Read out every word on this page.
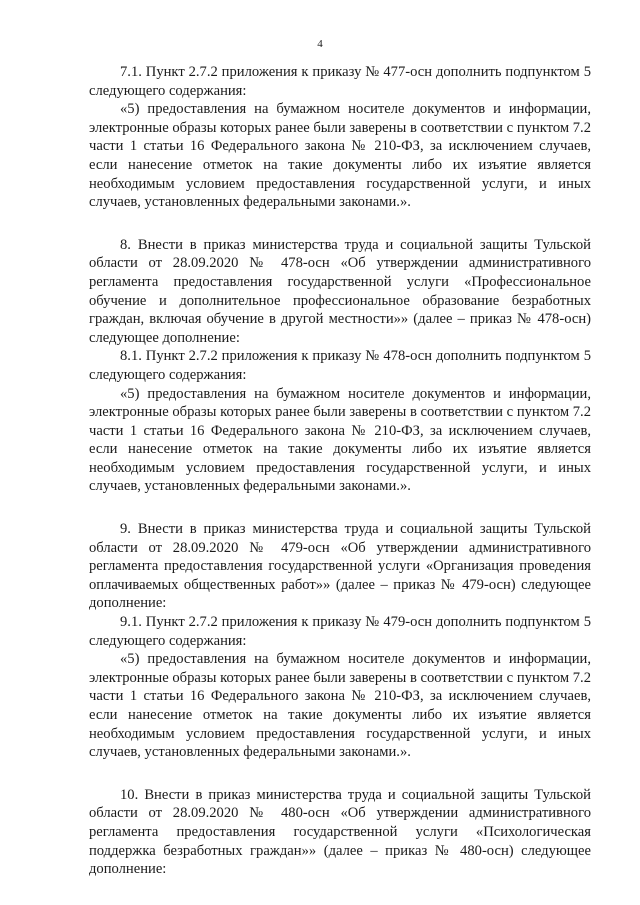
4

7.1. Пункт 2.7.2 приложения к приказу № 477-осн дополнить подпунктом 5 следующего содержания:

«5) предоставления на бумажном носителе документов и информации, электронные образы которых ранее были заверены в соответствии с пунктом 7.2 части 1 статьи 16 Федерального закона № 210-ФЗ, за исключением случаев, если нанесение отметок на такие документы либо их изъятие является необходимым условием предоставления государственной услуги, и иных случаев, установленных федеральными законами.».

8. Внести в приказ министерства труда и социальной защиты Тульской области от 28.09.2020 № 478-осн «Об утверждении административного регламента предоставления государственной услуги «Профессиональное обучение и дополнительное профессиональное образование безработных граждан, включая обучение в другой местности»» (далее – приказ № 478-осн) следующее дополнение:

8.1. Пункт 2.7.2 приложения к приказу № 478-осн дополнить подпунктом 5 следующего содержания:

«5) предоставления на бумажном носителе документов и информации, электронные образы которых ранее были заверены в соответствии с пунктом 7.2 части 1 статьи 16 Федерального закона № 210-ФЗ, за исключением случаев, если нанесение отметок на такие документы либо их изъятие является необходимым условием предоставления государственной услуги, и иных случаев, установленных федеральными законами.».

9. Внести в приказ министерства труда и социальной защиты Тульской области от 28.09.2020 № 479-осн «Об утверждении административного регламента предоставления государственной услуги «Организация проведения оплачиваемых общественных работ»» (далее – приказ № 479-осн) следующее дополнение:

9.1. Пункт 2.7.2 приложения к приказу № 479-осн дополнить подпунктом 5 следующего содержания:

«5) предоставления на бумажном носителе документов и информации, электронные образы которых ранее были заверены в соответствии с пунктом 7.2 части 1 статьи 16 Федерального закона № 210-ФЗ, за исключением случаев, если нанесение отметок на такие документы либо их изъятие является необходимым условием предоставления государственной услуги, и иных случаев, установленных федеральными законами.».

10. Внести в приказ министерства труда и социальной защиты Тульской области от 28.09.2020 № 480-осн «Об утверждении административного регламента предоставления государственной услуги «Психологическая поддержка безработных граждан»» (далее – приказ № 480-осн) следующее дополнение:
